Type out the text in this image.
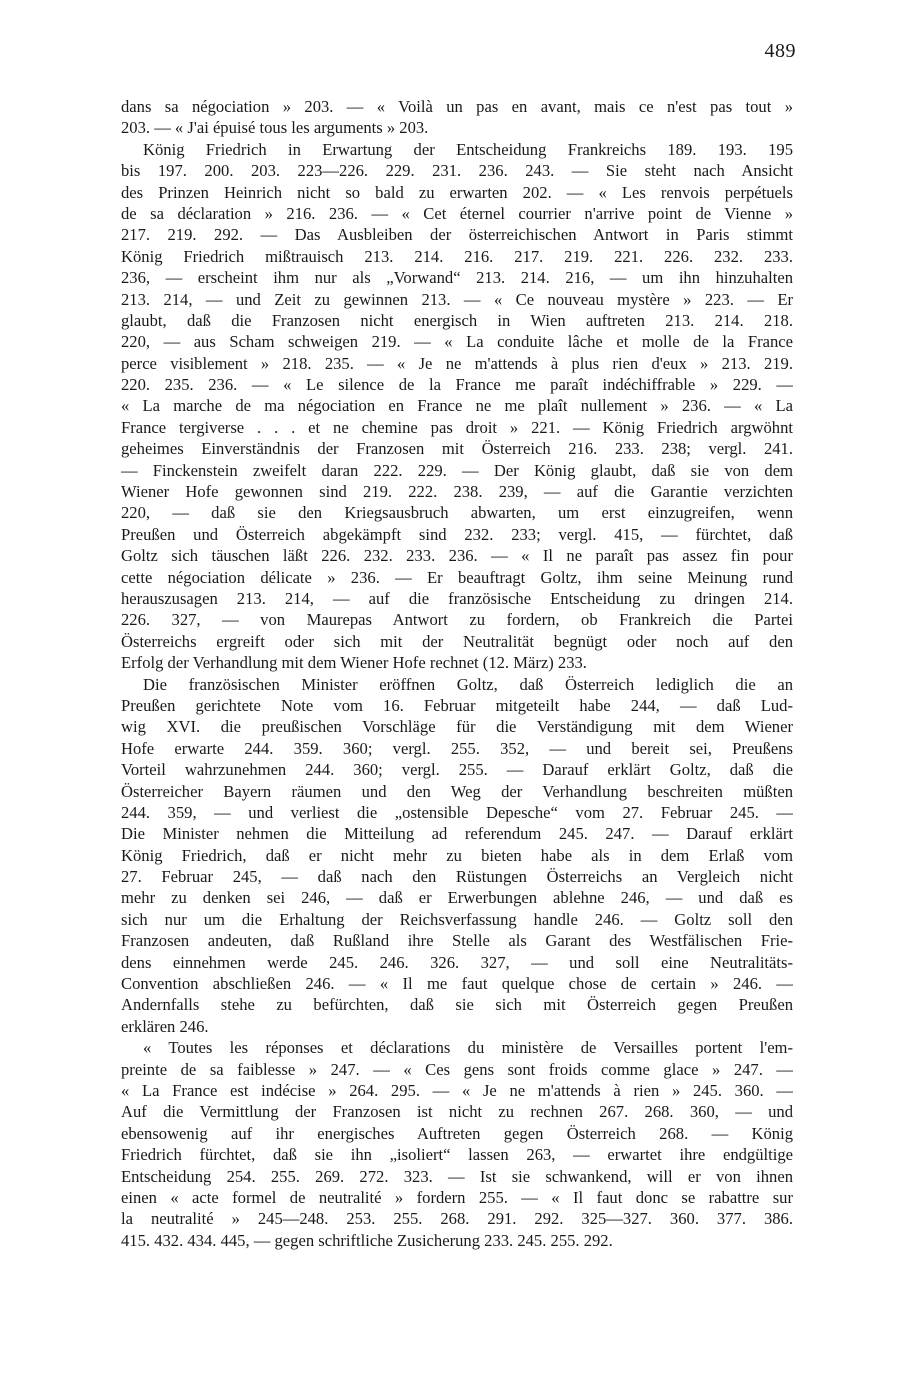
489
dans sa négociation » 203. — « Voilà un pas en avant, mais ce n'est pas tout »
203. — « J'ai épuisé tous les arguments » 203.
König Friedrich in Erwartung der Entscheidung Frankreichs 189. 193. 195
bis 197. 200. 203. 223—226. 229. 231. 236. 243. — Sie steht nach Ansicht
des Prinzen Heinrich nicht so bald zu erwarten 202. — « Les renvois perpétuels
de sa déclaration » 216. 236. — « Cet éternel courrier n'arrive point de Vienne »
217. 219. 292. — Das Ausbleiben der österreichischen Antwort in Paris stimmt
König Friedrich mißtrauisch 213. 214. 216. 217. 219. 221. 226. 232. 233.
236, — erscheint ihm nur als „Vorwand“ 213. 214. 216, — um ihn hinzuhalten
213. 214, — und Zeit zu gewinnen 213. — « Ce nouveau mystère » 223. — Er
glaubt, daß die Franzosen nicht energisch in Wien auftreten 213. 214. 218.
220, — aus Scham schweigen 219. — « La conduite lâche et molle de la France
perce visiblement » 218. 235. — « Je ne m'attends à plus rien d'eux » 213. 219.
220. 235. 236. — « Le silence de la France me paraît indéchiffrable » 229. —
« La marche de ma négociation en France ne me plaît nullement » 236. — « La
France tergiverse . . . et ne chemine pas droit » 221. — König Friedrich argwöhnt
geheimes Einverständnis der Franzosen mit Österreich 216. 233. 238; vergl. 241.
— Finckenstein zweifelt daran 222. 229. — Der König glaubt, daß sie von dem
Wiener Hofe gewonnen sind 219. 222. 238. 239, — auf die Garantie verzichten
220, — daß sie den Kriegsausbruch abwarten, um erst einzugreifen, wenn
Preußen und Österreich abgekämpft sind 232. 233; vergl. 415, — fürchtet, daß
Goltz sich täuschen läßt 226. 232. 233. 236. — « Il ne paraît pas assez fin pour
cette négociation délicate » 236. — Er beauftragt Goltz, ihm seine Meinung rund
herauszusagen 213. 214, — auf die französische Entscheidung zu dringen 214.
226. 327, — von Maurepas Antwort zu fordern, ob Frankreich die Partei
Österreichs ergreift oder sich mit der Neutralität begnügt oder noch auf den
Erfolg der Verhandlung mit dem Wiener Hofe rechnet (12. März) 233.
Die französischen Minister eröffnen Goltz, daß Österreich lediglich die an
Preußen gerichtete Note vom 16. Februar mitgeteilt habe 244, — daß Lud-
wig XVI. die preußischen Vorschläge für die Verständigung mit dem Wiener
Hofe erwarte 244. 359. 360; vergl. 255. 352, — und bereit sei, Preußens
Vorteil wahrzunehmen 244. 360; vergl. 255. — Darauf erklärt Goltz, daß die
Österreicher Bayern räumen und den Weg der Verhandlung beschreiten müßten
244. 359, — und verliest die „ostensible Depesche“ vom 27. Februar 245. —
Die Minister nehmen die Mitteilung ad referendum 245. 247. — Darauf erklärt
König Friedrich, daß er nicht mehr zu bieten habe als in dem Erlaß vom
27. Februar 245, — daß nach den Rüstungen Österreichs an Vergleich nicht
mehr zu denken sei 246, — daß er Erwerbungen ablehne 246, — und daß es
sich nur um die Erhaltung der Reichsverfassung handle 246. — Goltz soll den
Franzosen andeuten, daß Rußland ihre Stelle als Garant des Westfälischen Frie-
dens einnehmen werde 245. 246. 326. 327, — und soll eine Neutralitäts-
Convention abschließen 246. — « Il me faut quelque chose de certain » 246. —
Andernfalls stehe zu befürchten, daß sie sich mit Österreich gegen Preußen
erklären 246.
« Toutes les réponses et déclarations du ministère de Versailles portent l'em-
preinte de sa faiblesse » 247. — « Ces gens sont froids comme glace » 247. —
« La France est indécise » 264. 295. — « Je ne m'attends à rien » 245. 360. —
Auf die Vermittlung der Franzosen ist nicht zu rechnen 267. 268. 360, — und
ebensowenig auf ihr energisches Auftreten gegen Österreich 268. — König
Friedrich fürchtet, daß sie ihn „isoliert“ lassen 263, — erwartet ihre endgültige
Entscheidung 254. 255. 269. 272. 323. — Ist sie schwankend, will er von ihnen
einen « acte formel de neutralité » fordern 255. — « Il faut donc se rabattre sur
la neutralité » 245—248. 253. 255. 268. 291. 292. 325—327. 360. 377. 386.
415. 432. 434. 445, — gegen schriftliche Zusicherung 233. 245. 255. 292.
